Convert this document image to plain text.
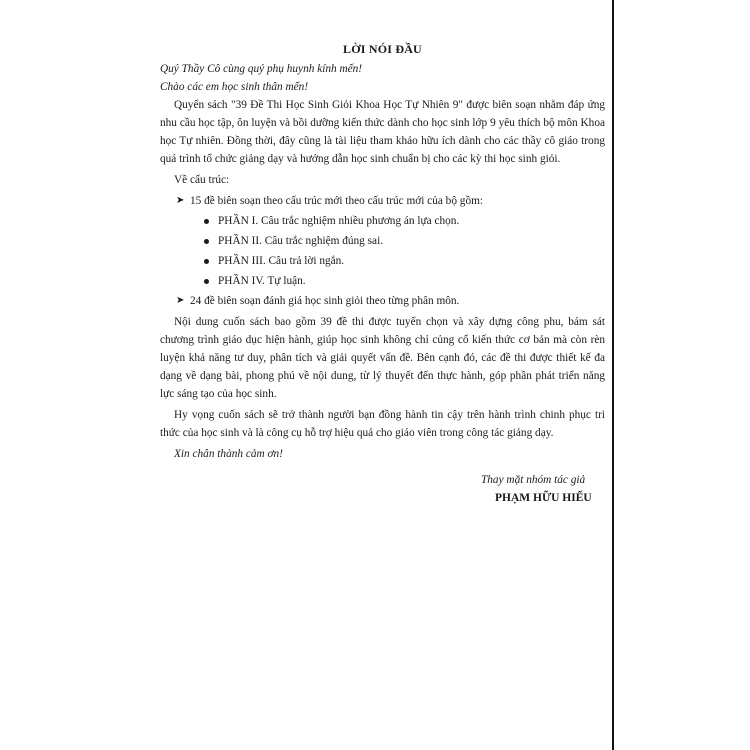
LỜI NÓI ĐẦU

Quý Thầy Cô cùng quý phụ huynh kính mến!

Chào các em học sinh thân mến!

Quyển sách "39 Đề Thi Học Sinh Giỏi Khoa Học Tự Nhiên 9" được biên soạn nhằm đáp ứng nhu cầu học tập, ôn luyện và bồi dưỡng kiến thức dành cho học sinh lớp 9 yêu thích bộ môn Khoa học Tự nhiên. Đồng thời, đây cũng là tài liệu tham khảo hữu ích dành cho các thầy cô giáo trong quá trình tổ chức giảng dạy và hướng dẫn học sinh chuẩn bị cho các kỳ thi học sinh giỏi.

Về cấu trúc:

➤ 15 đề biên soạn theo cấu trúc mới theo cấu trúc mới của bộ gồm:
PHẦN I. Câu trắc nghiệm nhiều phương án lựa chọn.
PHẦN II. Câu trắc nghiệm đúng sai.
PHẦN III. Câu trả lời ngắn.
PHẦN IV. Tự luận.
➤ 24 đề biên soạn đánh giá học sinh giỏi theo từng phân môn.

Nội dung cuốn sách bao gồm 39 đề thi được tuyển chọn và xây dựng công phu, bám sát chương trình giáo dục hiện hành, giúp học sinh không chỉ củng cố kiến thức cơ bản mà còn rèn luyện khả năng tư duy, phân tích và giải quyết vấn đề. Bên cạnh đó, các đề thi được thiết kế đa dạng về dạng bài, phong phú về nội dung, từ lý thuyết đến thực hành, góp phần phát triển năng lực sáng tạo của học sinh.

Hy vọng cuốn sách sẽ trở thành người bạn đồng hành tin cậy trên hành trình chinh phục tri thức của học sinh và là công cụ hỗ trợ hiệu quả cho giáo viên trong công tác giảng dạy.

Xin chân thành cảm ơn!

Thay mặt nhóm tác giả
PHẠM HỮU HIẾU
